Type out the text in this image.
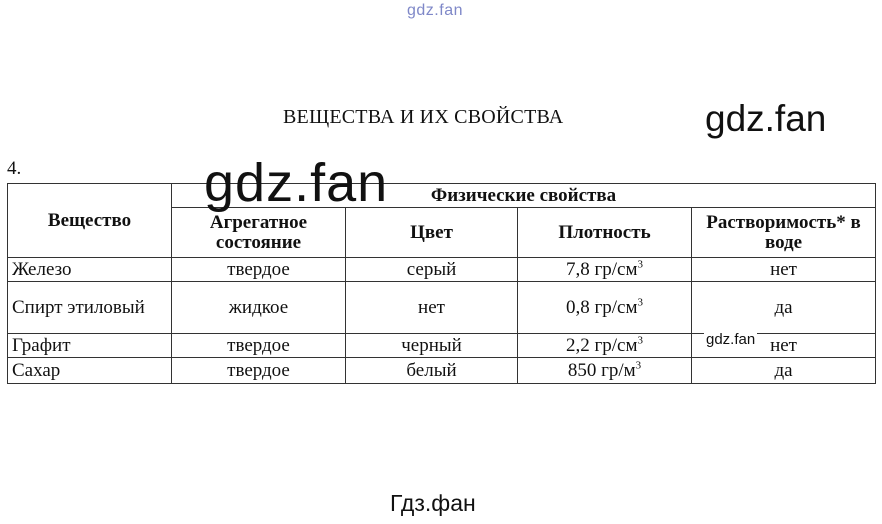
gdz.fan
ВЕЩЕСТВА И ИХ СВОЙСТВА	gdz.fan
4.
Вещество	Физические свойства			
	Агрегатное состояние	Цвет	Плотность	Растворимость* в воде
Железо	твердое	серый	7,8 $гр/см^3$	нет
Спирт этиловый	жидкое	нет	0,8 $гр/см^3$	да
Графит	твердое	черный	2,2 $гр/см^3$	нет
Сахар	твердое	белый	850 $гр/м^3$	да
gdz.fan
gdz.fan
Гдз.фан
